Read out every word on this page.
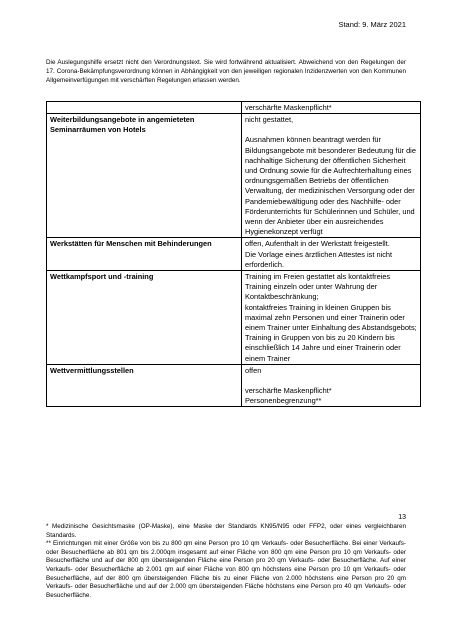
Stand: 9. März 2021
Die Auslegungshilfe ersetzt nicht den Verordnungstext. Sie wird fortwährend aktualisiert. Abweichend von den Regelungen der 17. Corona-Bekämpfungsverordnung können in Abhängigkeit von den jeweiligen regionalen Inzidenzwerten von den Kommunen Allgemeinverfügungen mit verschärften Regelungen erlassen werden.

	verschärfte Maskenpflicht*

Weiterbildungsangebote in angemieteten Seminarräumen von Hotels	nicht gestattet,
Ausnahmen können beantragt werden für Bildungsangebote mit besonderer Bedeutung für die nachhaltige Sicherung der öffentlichen Sicherheit und Ordnung sowie für die Aufrechterhaltung eines ordnungsgemäßen Betriebs der öffentlichen Verwaltung, der medizinischen Versorgung oder der Pandemiebewältigung oder des Nachhilfe- oder Förderunterrichts für Schülerinnen und Schüler, und wenn der Anbieter über ein ausreichendes Hygienekonzept verfügt

Werkstätten für Menschen mit Behinderungen	offen, Aufenthalt in der Werkstatt freigestellt.
Die Vorlage eines ärztlichen Attestes ist nicht erforderlich.

Wettkampfsport und -training	Training im Freien gestattet als kontaktfreies Training einzeln oder unter Wahrung der Kontaktbeschränkung;
kontaktfreies Training in kleinen Gruppen bis maximal zehn Personen und einer Trainerin oder einem Trainer unter Einhaltung des Abstandsgebots;
Training in Gruppen von bis zu 20 Kindern bis einschließlich 14 Jahre und einer Trainerin oder einem Trainer

Wettvermittlungsstellen	offen
verschärfte Maskenpflicht*
Personenbegrenzung**
13

* Medizinische Gesichtsmaske (OP-Maske), eine Maske der Standards KN95/N95 oder FFP2, oder eines vergleichbaren Standards.

** Einrichtungen mit einer Größe von bis zu 800 qm eine Person pro 10 qm Verkaufs- oder Besucherfläche. Bei einer Verkaufs- oder Besucherfläche ab 801 qm bis 2.000qm insgesamt auf einer Fläche von 800 qm eine Person pro 10 qm Verkaufs- oder Besucherfläche und auf der 800 qm übersteigenden Fläche eine Person pro 20 qm Verkaufs- oder Besucherfläche. Auf einer Verkaufs- oder Besucherfläche ab 2.001 qm auf einer Fläche von 800 qm höchstens eine Person pro 10 qm Verkaufs- oder Besucherfläche, auf der 800 qm übersteigenden Fläche bis zu einer Fläche von 2.000 höchstens eine Person pro 20 qm Verkaufs- oder Besucherfläche und auf der 2.000 qm übersteigenden Fläche höchstens eine Person pro 40 qm Verkaufs- oder Besucherfläche.
